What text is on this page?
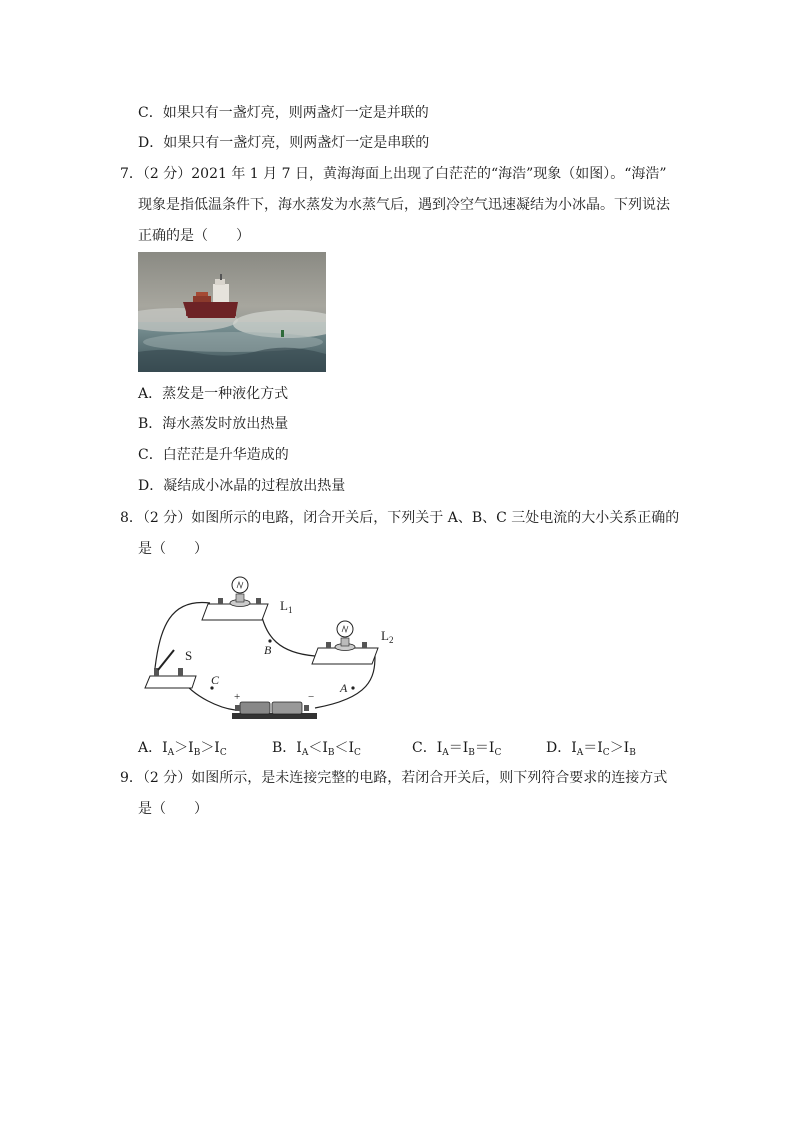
C．如果只有一盏灯亮，则两盏灯一定是并联的
D．如果只有一盏灯亮，则两盏灯一定是串联的
7．（2 分）2021 年 1 月 7 日，黄海海面上出现了白茫茫的“海浩”现象（如图）。“海浩”
现象是指低温条件下，海水蒸发为水蒸气后，遇到冷空气迅速凝结为小冰晶。下列说法
正确的是（　　）
A．蒸发是一种液化方式
B．海水蒸发时放出热量
C．白茫茫是升华造成的
D．凝结成小冰晶的过程放出热量
8．（2 分）如图所示的电路，闭合开关后，下列关于 A、B、C 三处电流的大小关系正确的
是（　　）
$L_1$
$L_2$
S
+	−
B
C
A
A．$I_A>I_B>I_C$	B．$I_A<I_B<I_C$	C．$I_A=I_B=I_C$	D．$I_A=I_C>I_B$
9．（2 分）如图所示，是未连接完整的电路，若闭合开关后，则下列符合要求的连接方式
是（　　）
